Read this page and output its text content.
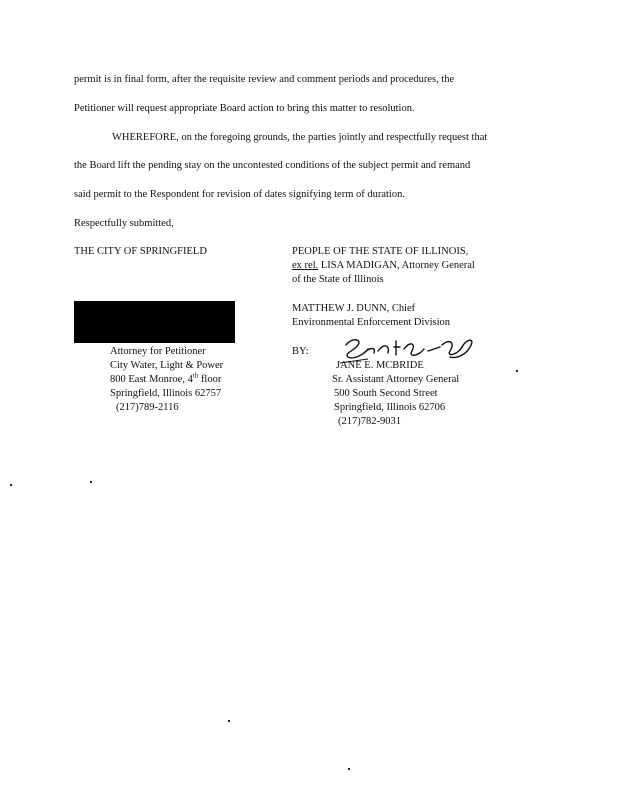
permit is in final form, after the requisite review and comment periods and procedures, the
Petitioner will request appropriate Board action to bring this matter to resolution.
WHEREFORE, on the foregoing grounds, the parties jointly and respectfully request that
the Board lift the pending stay on the uncontested conditions of the subject permit and remand
said permit to the Respondent for revision of dates signifying term of duration.
Respectfully submitted,
THE CITY OF SPRINGFIELD
Attorney for Petitioner
City Water, Light & Power
800 East Monroe, 4th floor
Springfield, Illinois 62757
(217)789-2116
PEOPLE OF THE STATE OF ILLINOIS,
ex rel. LISA MADIGAN, Attorney General
of the State of Illinois
MATTHEW J. DUNN, Chief
Environmental Enforcement Division
BY:
JANE E. MCBRIDE
Sr. Assistant Attorney General
500 South Second Street
Springfield, Illinois 62706
(217)782-9031
